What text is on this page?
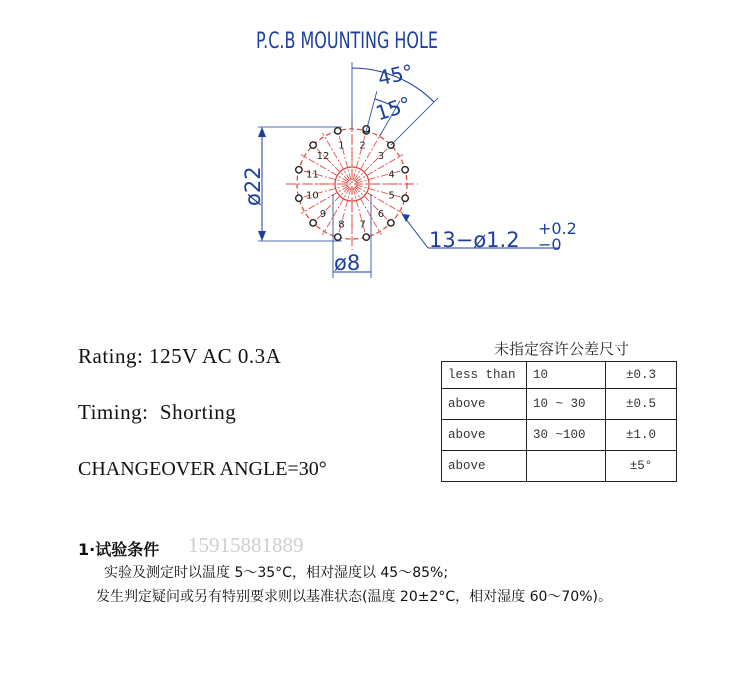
P.C.B MOUNTING HOLE
1 2
3
4
5
6
7
8
9
10
11
12
45°
15°
ø22
ø8
13−ø1.2 +0.2
−0
Rating: 125V AC 0.3A
Timing:  Shorting
CHANGEOVER ANGLE=30°
未指定容许公差尺寸
less than	10	±0.3
above	10 ~ 30	±0.5
above	30 ~100	±1.0
above		±5°
1·试验条件 15915881889
实验及测定时以温度 5～35°C，相对湿度以 45～85%;
发生判定疑问或另有特别要求则以基准状态(温度 20±2°C，相对湿度 60～70%)。
